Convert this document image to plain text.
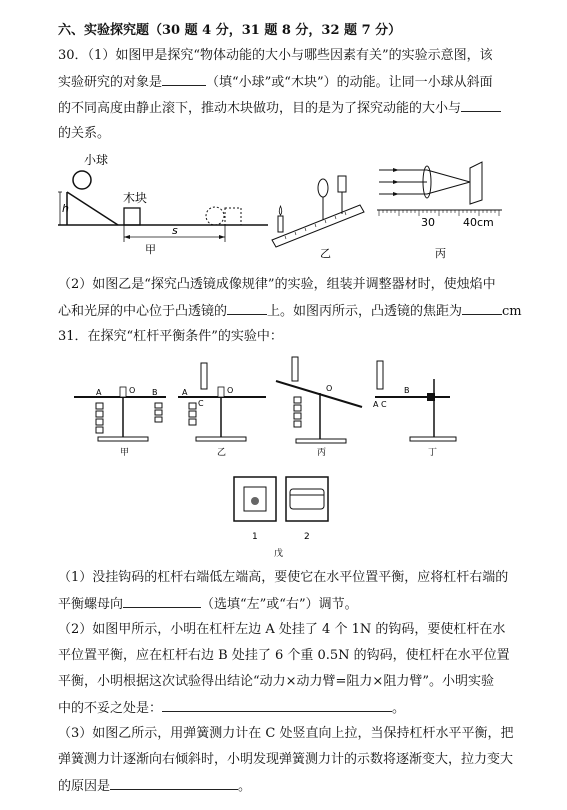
六、实验探究题（30 题 4 分，31 题 8 分，32 题 7 分）
30．（1）如图甲是探究“物体动能的大小与哪些因素有关”的实验示意图，该
实验研究的对象是	（填“小球”或“木块”）的动能。让同一小球从斜面
的不同高度由静止滚下，推动木块做功，目的是为了探究动能的大小与
的关系。
小球
h
木块
s
甲	乙
30	40cm
丙
（2）如图乙是“探究凸透镜成像规律”的实验，组装并调整器材时，使烛焰中
心和光屏的中心位于凸透镜的	上。如图丙所示，凸透镜的焦距为	cm
31．在探究“杠杆平衡条件”的实验中：
A	O B
甲
A
C
O
乙
O
丙
A C
B
丁
1	2
戊
（1）没挂钩码的杠杆右端低左端高，要使它在水平位置平衡，应将杠杆右端的
平衡螺母向	（选填“左”或“右”）调节。
（2）如图甲所示，小明在杠杆左边 A 处挂了 4 个 1N 的钩码，要使杠杆在水
平位置平衡，应在杠杆右边 B 处挂了 6 个重 0.5N 的钩码，使杠杆在水平位置
平衡，小明根据这次试验得出结论“动力×动力臂=阻力×阻力臂”。小明实验
中的不妥之处是：	。
（3）如图乙所示，用弹簧测力计在 C 处竖直向上拉，当保持杠杆水平平衡，把
弹簧测力计逐渐向右倾斜时，小明发现弹簧测力计的示数将逐渐变大，拉力变大
的原因是	。
